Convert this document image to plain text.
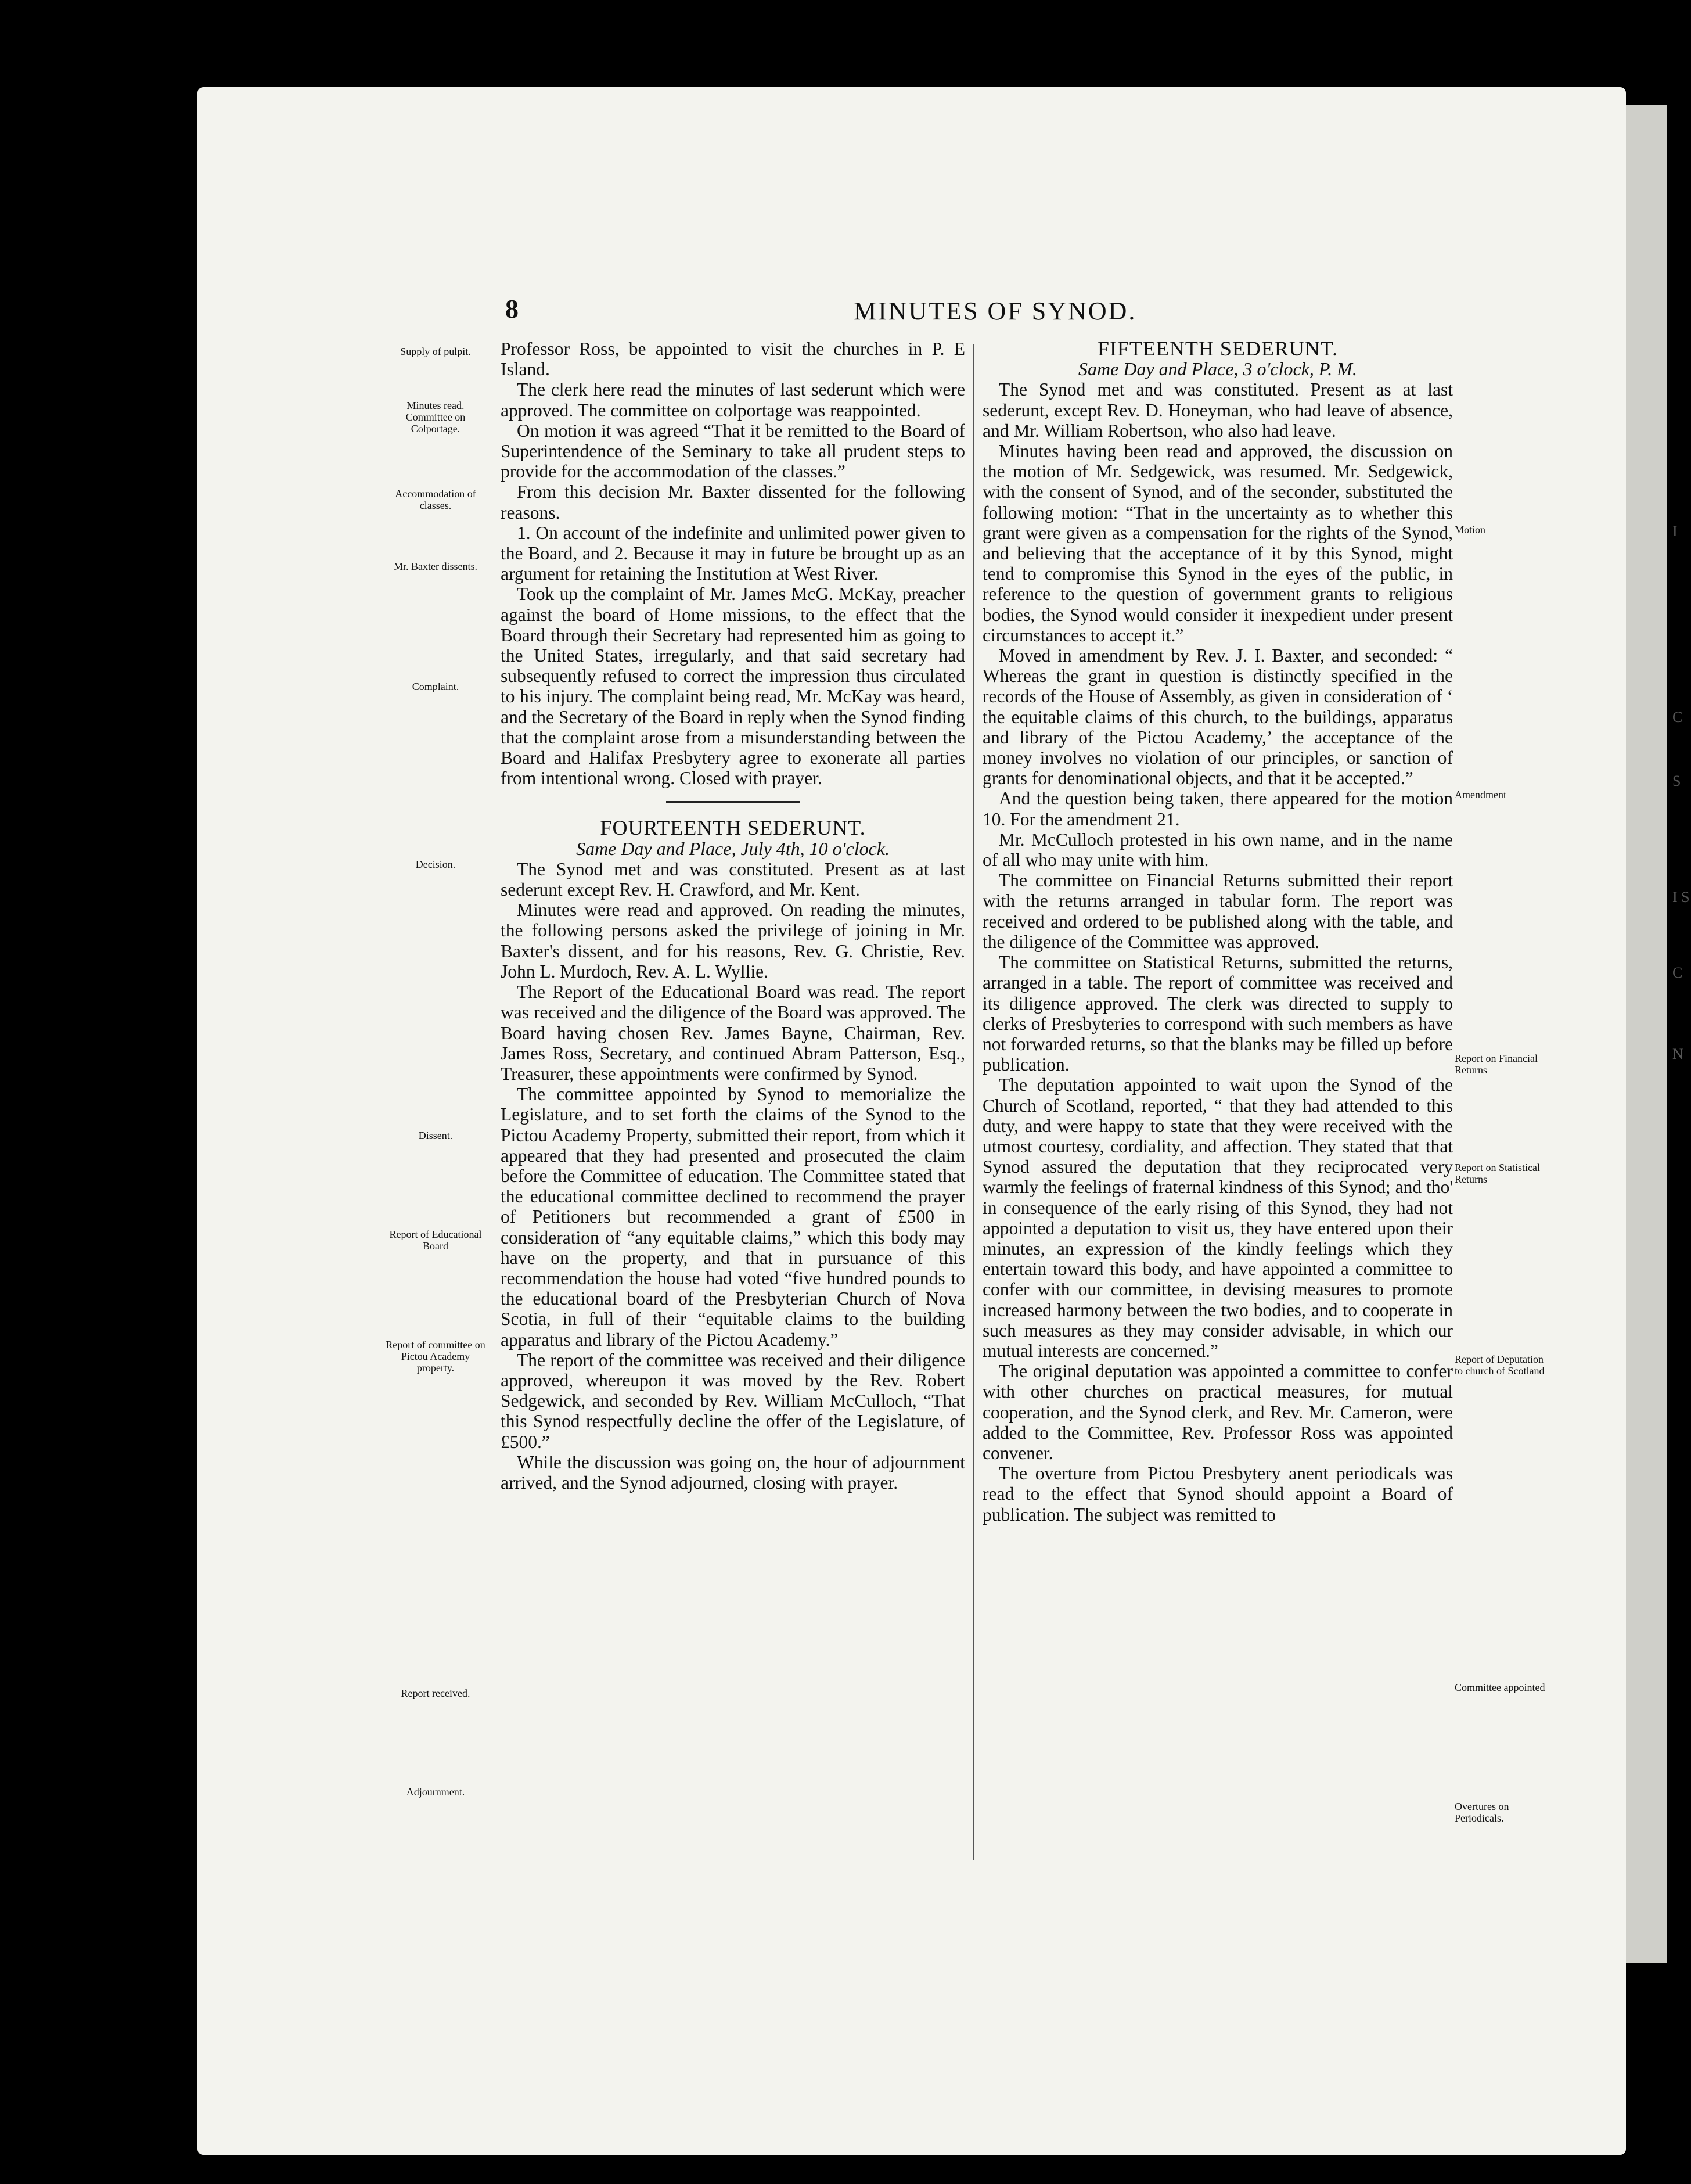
8	MINUTES OF SYNOD.

Professor Ross, be appointed to visit the churches in P. E Island.

The clerk here read the minutes of last sederunt which were approved. The committee on colportage was reappointed.

On motion it was agreed “That it be remitted to the Board of Superintendence of the Seminary to take all prudent steps to provide for the accommodation of the classes.”

From this decision Mr. Baxter dissented for the following reasons.

1. On account of the indefinite and unlimited power given to the Board, and 2. Because it may in future be brought up as an argument for retaining the Institution at West River.

Took up the complaint of Mr. James McG. McKay, preacher against the board of Home missions, to the effect that the Board through their Secretary had represented him as going to the United States, irregularly, and that said secretary had subsequently refused to correct the impression thus circulated to his injury. The complaint being read, Mr. McKay was heard, and the Secretary of the Board in reply when the Synod finding that the complaint arose from a misunderstanding between the Board and Halifax Presbytery agree to exonerate all parties from intentional wrong. Closed with prayer.

FOURTEENTH SEDERUNT.

Same Day and Place, July 4th, 10 o'clock.

The Synod met and was constituted. Present as at last sederunt except Rev. H. Crawford, and Mr. Kent.

Minutes were read and approved. On reading the minutes, the following persons asked the privilege of joining in Mr. Baxter's dissent, and for his reasons, Rev. G. Christie, Rev. John L. Murdoch, Rev. A. L. Wyllie.

The Report of the Educational Board was read. The report was received and the diligence of the Board was approved. The Board having chosen Rev. James Bayne, Chairman, Rev. James Ross, Secretary, and continued Abram Patterson, Esq., Treasurer, these appointments were confirmed by Synod.

The committee appointed by Synod to memorialize the Legislature, and to set forth the claims of the Synod to the Pictou Academy Property, submitted their report, from which it appeared that they had presented and prosecuted the claim before the Committee of education. The Committee stated that the educational committee declined to recommend the prayer of Petitioners but recommended a grant of £500 in consideration of “any equitable claims,” which this body may have on the property, and that in pursuance of this recommendation the house had voted “five hundred pounds to the educational board of the Presbyterian Church of Nova Scotia, in full of their “equitable claims to the building apparatus and library of the Pictou Academy.”

The report of the committee was received and their diligence approved, whereupon it was moved by the Rev. Robert Sedgewick, and seconded by Rev. William McCulloch, “That this Synod respectfully decline the offer of the Legislature, of £500.”

While the discussion was going on, the hour of adjournment arrived, and the Synod adjourned, closing with prayer.

FIFTEENTH SEDERUNT.

Same Day and Place, 3 o'clock, P. M.

The Synod met and was constituted. Present as at last sederunt, except Rev. D. Honeyman, who had leave of absence, and Mr. William Robertson, who also had leave.

Minutes having been read and approved, the discussion on the motion of Mr. Sedgewick, was resumed. Mr. Sedgewick, with the consent of Synod, and of the seconder, substituted the following motion: “That in the uncertainty as to whether this grant were given as a compensation for the rights of the Synod, and believing that the acceptance of it by this Synod, might tend to compromise this Synod in the eyes of the public, in reference to the question of government grants to religious bodies, the Synod would consider it inexpedient under present circumstances to accept it.”

Moved in amendment by Rev. J. I. Baxter, and seconded: “ Whereas the grant in question is distinctly specified in the records of the House of Assembly, as given in consideration of ‘ the equitable claims of this church, to the buildings, apparatus and library of the Pictou Academy,’ the acceptance of the money involves no violation of our principles, or sanction of grants for denominational objects, and that it be accepted.”

And the question being taken, there appeared for the motion 10. For the amendment 21.

Mr. McCulloch protested in his own name, and in the name of all who may unite with him.

The committee on Financial Returns submitted their report with the returns arranged in tabular form. The report was received and ordered to be published along with the table, and the diligence of the Committee was approved.

The committee on Statistical Returns, submitted the returns, arranged in a table. The report of committee was received and its diligence approved. The clerk was directed to supply to clerks of Presbyteries to correspond with such members as have not forwarded returns, so that the blanks may be filled up before publication.

The deputation appointed to wait upon the Synod of the Church of Scotland, reported, “ that they had attended to this duty, and were happy to state that they were received with the utmost courtesy, cordiality, and affection. They stated that that Synod assured the deputation that they reciprocated very warmly the feelings of fraternal kindness of this Synod; and tho' in consequence of the early rising of this Synod, they had not appointed a deputation to visit us, they have entered upon their minutes, an expression of the kindly feelings which they entertain toward this body, and have appointed a committee to confer with our committee, in devising measures to promote increased harmony between the two bodies, and to cooperate in such measures as they may consider advisable, in which our mutual interests are concerned.”

The original deputation was appointed a committee to confer with other churches on practical measures, for mutual cooperation, and the Synod clerk, and Rev. Mr. Cameron, were added to the Committee, Rev. Professor Ross was appointed convener.

The overture from Pictou Presbytery anent periodicals was read to the effect that Synod should appoint a Board of publication. The subject was remitted to

Supply of pulpit.
Minutes read. Committee on Colportage.
Accommodation of classes.
Mr. Baxter dissents.
Complaint.
Decision.
Dissent.
Report of Educational Board
Report of committee on Pictou Academy property.
Report received.
Adjournment.
Motion
Amendment
Report on Financial Returns
Report on Statistical Returns
Report of Deputation to church of Scotland
Committee appointed
Overtures on Periodicals.
I
C
S
I S
C
N
